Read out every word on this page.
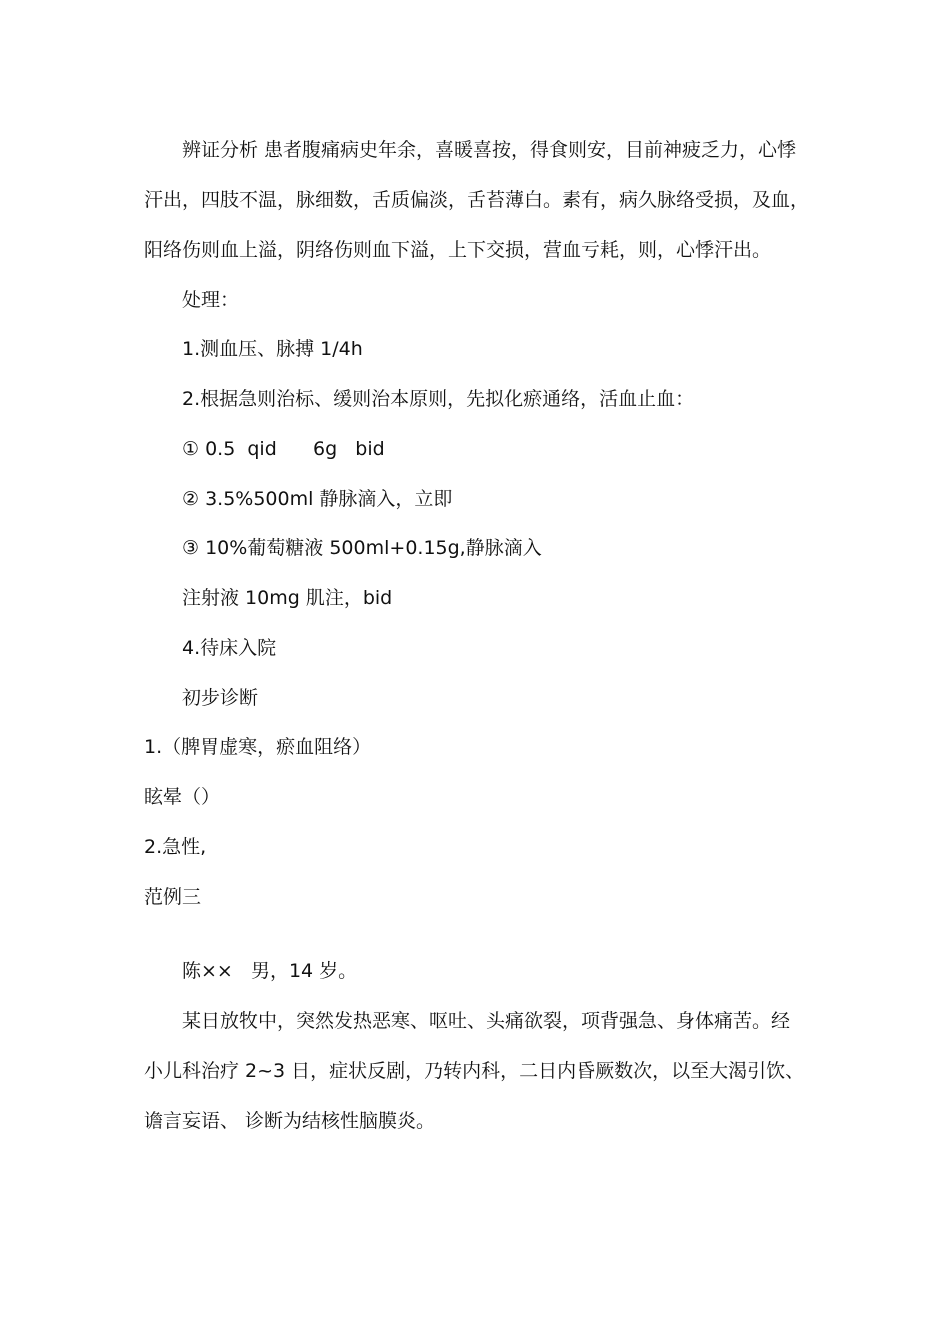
辨证分析 患者腹痛病史年余，喜暖喜按，得食则安，目前神疲乏力，心悸

汗出，四肢不温，脉细数，舌质偏淡，舌苔薄白。素有，病久脉络受损，及血，

阳络伤则血上溢，阴络伤则血下溢，上下交损，营血亏耗，则，心悸汗出。

处理：

1.测血压、脉搏 1/4h

2.根据急则治标、缓则治本原则，先拟化瘀通络，活血止血：

① 0.5  qid      6g   bid

② 3.5%500ml 静脉滴入，立即

③ 10%葡萄糖液 500ml+0.15g,静脉滴入

注射液 10mg 肌注，bid

4.待床入院

初步诊断

1.（脾胃虚寒，瘀血阻络）

眩晕（）

2.急性,

范例三

陈××   男，14 岁。

某日放牧中，突然发热恶寒、呕吐、头痛欲裂，项背强急、身体痛苦。经

小儿科治疗 2~3 日，症状反剧，乃转内科，二日内昏厥数次，以至大渴引饮、

谵言妄语、 诊断为结核性脑膜炎。
